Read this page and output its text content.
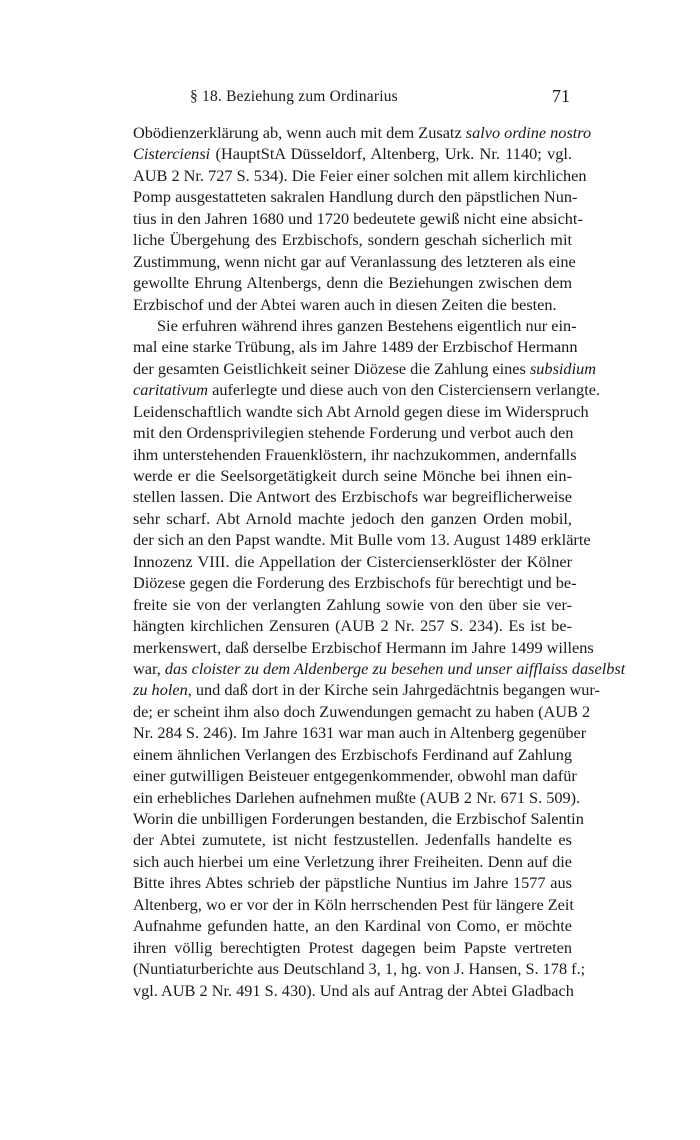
§ 18. Beziehung zum Ordinarius	71
Obödienzerklärung ab, wenn auch mit dem Zusatz salvo ordine nostro
Cisterciensi (HauptStA Düsseldorf, Altenberg, Urk. Nr. 1140; vgl.
AUB 2 Nr. 727 S. 534). Die Feier einer solchen mit allem kirchlichen
Pomp ausgestatteten sakralen Handlung durch den päpstlichen Nun-
tius in den Jahren 1680 und 1720 bedeutete gewiß nicht eine absicht-
liche Übergehung des Erzbischofs, sondern geschah sicherlich mit
Zustimmung, wenn nicht gar auf Veranlassung des letzteren als eine
gewollte Ehrung Altenbergs, denn die Beziehungen zwischen dem
Erzbischof und der Abtei waren auch in diesen Zeiten die besten.
Sie erfuhren während ihres ganzen Bestehens eigentlich nur ein-
mal eine starke Trübung, als im Jahre 1489 der Erzbischof Hermann
der gesamten Geistlichkeit seiner Diözese die Zahlung eines subsidium
caritativum auferlegte und diese auch von den Cisterciensern verlangte.
Leidenschaftlich wandte sich Abt Arnold gegen diese im Widerspruch
mit den Ordensprivilegien stehende Forderung und verbot auch den
ihm unterstehenden Frauenklöstern, ihr nachzukommen, andernfalls
werde er die Seelsorgetätigkeit durch seine Mönche bei ihnen ein-
stellen lassen. Die Antwort des Erzbischofs war begreiflicherweise
sehr scharf. Abt Arnold machte jedoch den ganzen Orden mobil,
der sich an den Papst wandte. Mit Bulle vom 13. August 1489 erklärte
Innozenz VIII. die Appellation der Cistercienserklöster der Kölner
Diözese gegen die Forderung des Erzbischofs für berechtigt und be-
freite sie von der verlangten Zahlung sowie von den über sie ver-
hängten kirchlichen Zensuren (AUB 2 Nr. 257 S. 234). Es ist be-
merkenswert, daß derselbe Erzbischof Hermann im Jahre 1499 willens
war, das cloister zu dem Aldenberge zu besehen und unser aifflaiss daselbst
zu holen, und daß dort in der Kirche sein Jahrgedächtnis begangen wur-
de; er scheint ihm also doch Zuwendungen gemacht zu haben (AUB 2
Nr. 284 S. 246). Im Jahre 1631 war man auch in Altenberg gegenüber
einem ähnlichen Verlangen des Erzbischofs Ferdinand auf Zahlung
einer gutwilligen Beisteuer entgegenkommender, obwohl man dafür
ein erhebliches Darlehen aufnehmen mußte (AUB 2 Nr. 671 S. 509).
Worin die unbilligen Forderungen bestanden, die Erzbischof Salentin
der Abtei zumutete, ist nicht festzustellen. Jedenfalls handelte es
sich auch hierbei um eine Verletzung ihrer Freiheiten. Denn auf die
Bitte ihres Abtes schrieb der päpstliche Nuntius im Jahre 1577 aus
Altenberg, wo er vor der in Köln herrschenden Pest für längere Zeit
Aufnahme gefunden hatte, an den Kardinal von Como, er möchte
ihren völlig berechtigten Protest dagegen beim Papste vertreten
(Nuntiaturberichte aus Deutschland 3, 1, hg. von J. Hansen, S. 178 f.;
vgl. AUB 2 Nr. 491 S. 430). Und als auf Antrag der Abtei Gladbach
